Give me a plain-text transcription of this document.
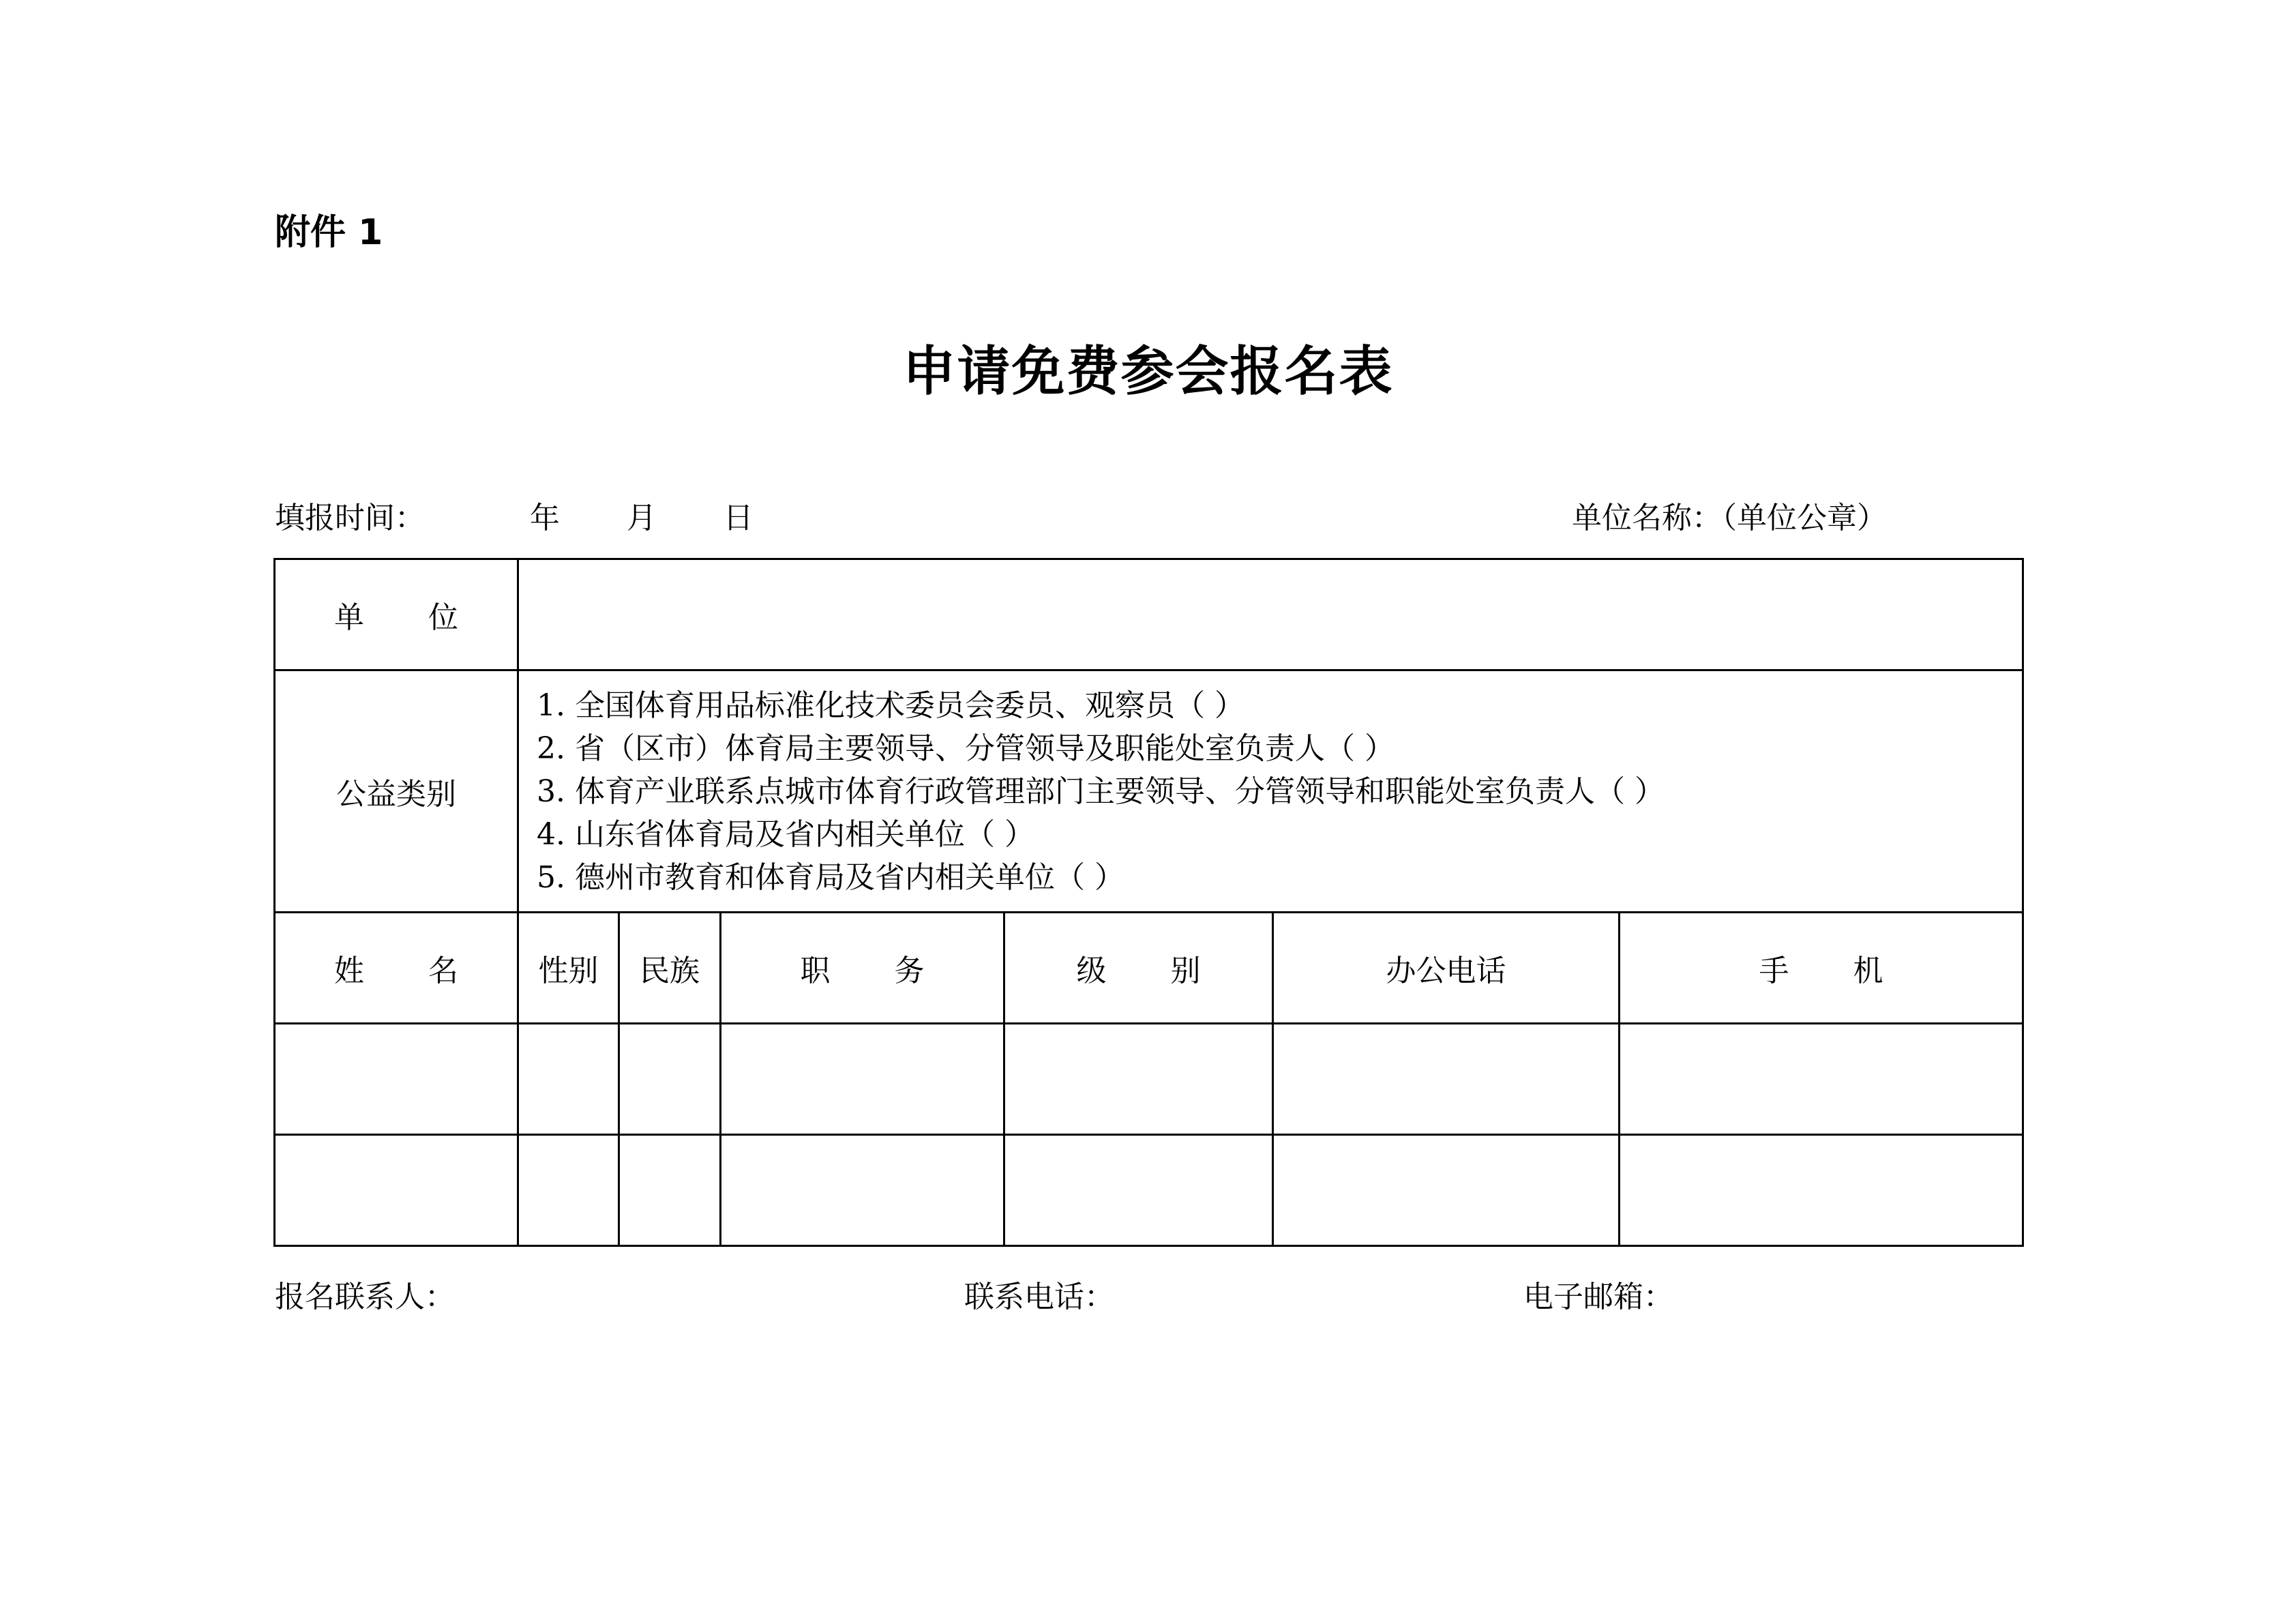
附件 1
申请免费参会报名表
填报时间：           年       月       日	单位名称：（单位公章）
单 位						
公益类别	1. 全国体育用品标准化技术委员会委员、观察员（ ）
2. 省（区市）体育局主要领导、分管领导及职能处室负责人（ ）
3. 体育产业联系点城市体育行政管理部门主要领导、分管领导和职能处室负责人（ ）
4. 山东省体育局及省内相关单位（ ）
5. 德州市教育和体育局及省内相关单位（ ）					

姓 名	性别	民族	职 务	级 别	办公电话	手 机

报名联系人：	联系电话：	电子邮箱：
